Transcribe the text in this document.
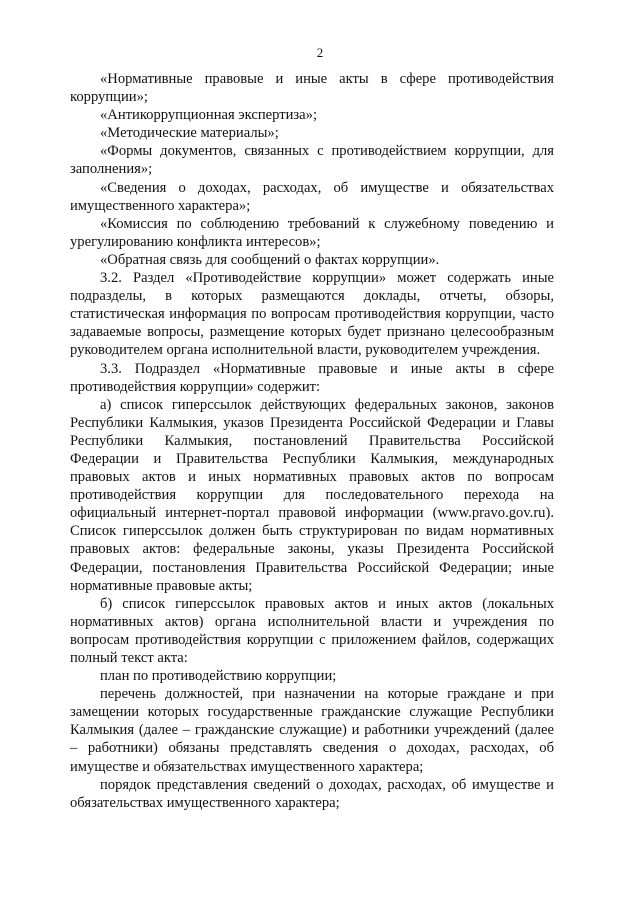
2

«Нормативные правовые и иные акты в сфере противодействия коррупции»;

«Антикоррупционная экспертиза»;

«Методические материалы»;

«Формы документов, связанных с противодействием коррупции, для заполнения»;

«Сведения о доходах, расходах, об имуществе и обязательствах имущественного характера»;

«Комиссия по соблюдению требований к служебному поведению и урегулированию конфликта интересов»;

«Обратная связь для сообщений о фактах коррупции».

3.2. Раздел «Противодействие коррупции» может содержать иные подразделы, в которых размещаются доклады, отчеты, обзоры, статистическая информация по вопросам противодействия коррупции, часто задаваемые вопросы, размещение которых будет признано целесообразным руководителем органа исполнительной власти, руководителем учреждения.

3.3. Подраздел «Нормативные правовые и иные акты в сфере противодействия коррупции» содержит:

а) список гиперссылок действующих федеральных законов, законов Республики Калмыкия, указов Президента Российской Федерации и Главы Республики Калмыкия, постановлений Правительства Российской Федерации и Правительства Республики Калмыкия, международных правовых актов и иных нормативных правовых актов по вопросам противодействия коррупции для последовательного перехода на официальный интернет-портал правовой информации (www.pravo.gov.ru). Список гиперссылок должен быть структурирован по видам нормативных правовых актов: федеральные законы, указы Президента Российской Федерации, постановления Правительства Российской Федерации; иные нормативные правовые акты;

б) список гиперссылок правовых актов и иных актов (локальных нормативных актов) органа исполнительной власти и учреждения по вопросам противодействия коррупции с приложением файлов, содержащих полный текст акта:

план по противодействию коррупции;

перечень должностей, при назначении на которые граждане и при замещении которых государственные гражданские служащие Республики Калмыкия (далее – гражданские служащие) и работники учреждений (далее – работники) обязаны представлять сведения о доходах, расходах, об имуществе и обязательствах имущественного характера;

порядок представления сведений о доходах, расходах, об имуществе и обязательствах имущественного характера;
